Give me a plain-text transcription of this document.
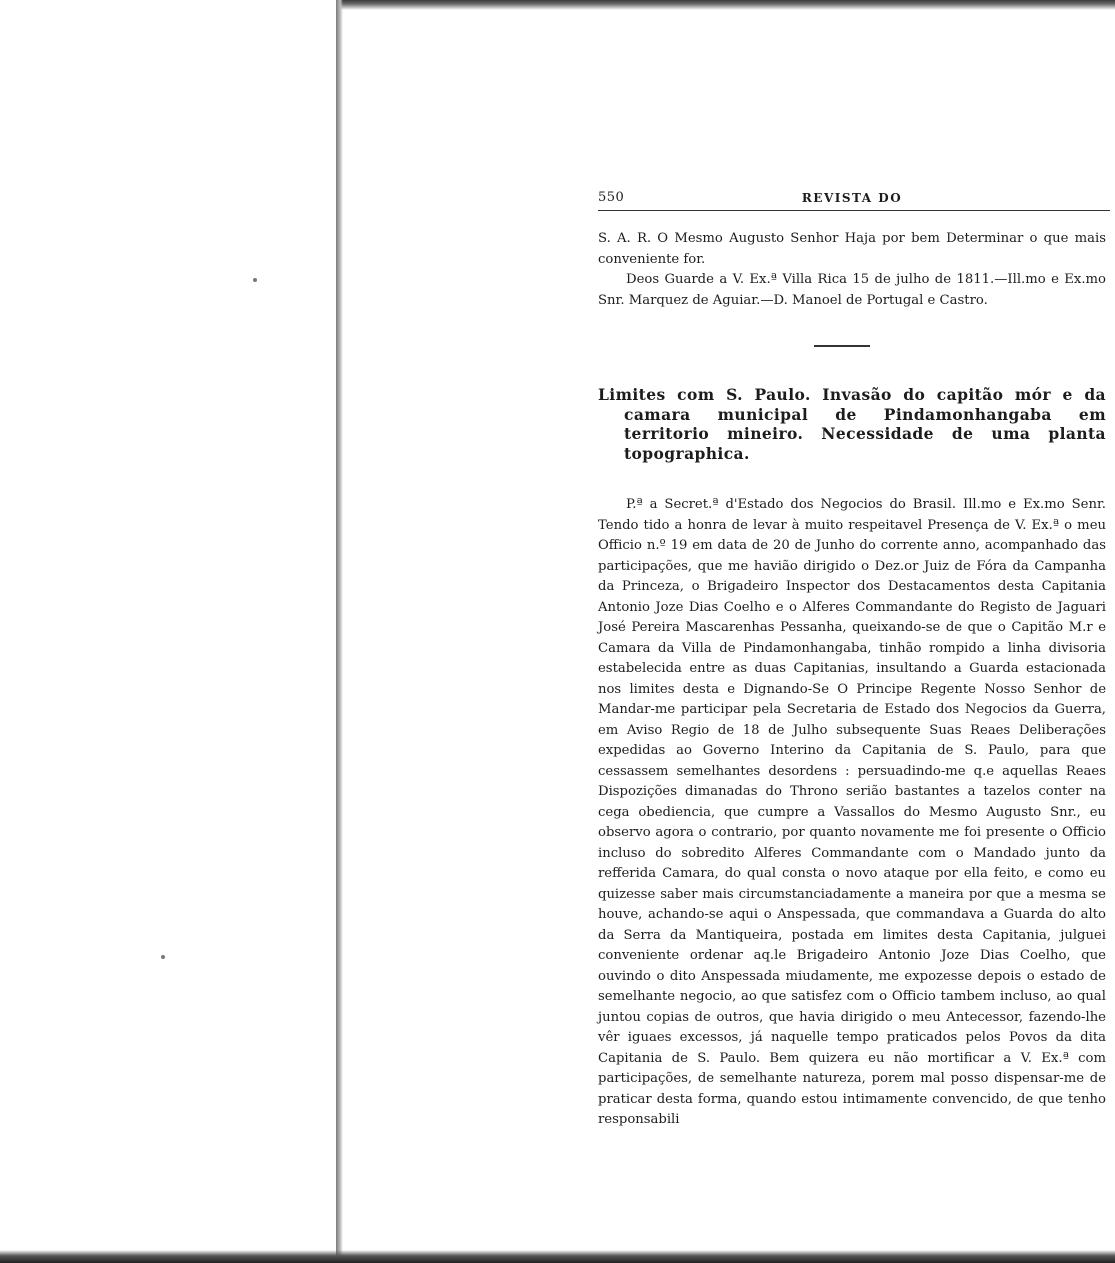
550	REVISTA DO

S. A. R. O Mesmo Augusto Senhor Haja por bem Determinar o que mais conveniente for.

Deos Guarde a V. Ex.ª Villa Rica 15 de julho de 1811.—Ill.mo e Ex.mo Snr. Marquez de Aguiar.—D. Manoel de Portugal e Castro.

Limites com S. Paulo. Invasão do capitão mór e da camara municipal de Pindamonhangaba em territorio mineiro. Necessidade de uma planta topographica.

P.ª a Secret.ª d'Estado dos Negocios do Brasil. Ill.mo e Ex.mo Senr. Tendo tido a honra de levar à muito respeitavel Presença de V. Ex.ª o meu Officio n.º 19 em data de 20 de Junho do corrente anno, acompanhado das participações, que me havião dirigido o Dez.or Juiz de Fóra da Campanha da Princeza, o Brigadeiro Inspector dos Destacamentos desta Capitania Antonio Joze Dias Coelho e o Alferes Commandante do Registo de Jaguari José Pereira Mascarenhas Pessanha, queixando-se de que o Capitão M.r e Camara da Villa de Pindamonhangaba, tinhão rompido a linha divisoria estabelecida entre as duas Capitanias, insultando a Guarda estacionada nos limites desta e Dignando-Se O Principe Regente Nosso Senhor de Mandar-me participar pela Secretaria de Estado dos Negocios da Guerra, em Aviso Regio de 18 de Julho subsequente Suas Reaes Deliberações expedidas ao Governo Interino da Capitania de S. Paulo, para que cessassem semelhantes desordens : persuadindo-me q.e aquellas Reaes Dispozições dimanadas do Throno serião bastantes a tazelos conter na cega obediencia, que cumpre a Vassallos do Mesmo Augusto Snr., eu observo agora o contrario, por quanto novamente me foi presente o Officio incluso do sobredito Alferes Commandante com o Mandado junto da refferida Camara, do qual consta o novo ataque por ella feito, e como eu quizesse saber mais circumstanciadamente a maneira por que a mesma se houve, achando-se aqui o Anspessada, que commandava a Guarda do alto da Serra da Mantiqueira, postada em limites desta Capitania, julguei conveniente ordenar aq.le Brigadeiro Antonio Joze Dias Coelho, que ouvindo o dito Anspessada miudamente, me expozesse depois o estado de semelhante negocio, ao que satisfez com o Officio tambem incluso, ao qual juntou copias de outros, que havia dirigido o meu Antecessor, fazendo-lhe vêr iguaes excessos, já naquelle tempo praticados pelos Povos da dita Capitania de S. Paulo. Bem quizera eu não mortificar a V. Ex.ª com participações, de semelhante natureza, porem mal posso dispensar-me de praticar desta forma, quando estou intimamente convencido, de que tenho responsabili
